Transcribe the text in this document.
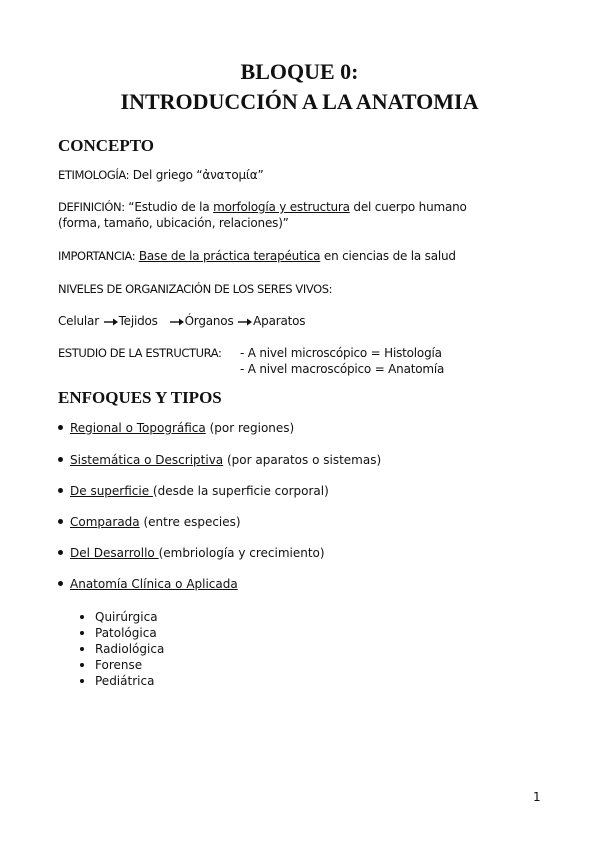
BLOQUE 0:
INTRODUCCIÓN A LA ANATOMIA
CONCEPTO

ETIMOLOGÍA: Del griego “ἀνατομία”

DEFINICIÓN: “Estudio de la morfología y estructura del cuerpo humano

(forma, tamaño, ubicación, relaciones)”

IMPORTANCIA: Base de la práctica terapéutica en ciencias de la salud

NIVELES DE ORGANIZACIÓN DE LOS SERES VIVOS:

Celular Tejidos Órganos Aparatos

ESTUDIO DE LA ESTRUCTURA: - A nivel microscópico = Histología

- A nivel macroscópico = Anatomía

ENFOQUES Y TIPOS
Regional o Topográfica (por regiones)
Sistemática o Descriptiva (por aparatos o sistemas)
De superficie (desde la superficie corporal)
Comparada (entre especies)
Del Desarrollo (embriología y crecimiento)
Anatomía Clínica o Aplicada
Quirúrgica
Patológica
Radiológica
Forense
Pediátrica
1
